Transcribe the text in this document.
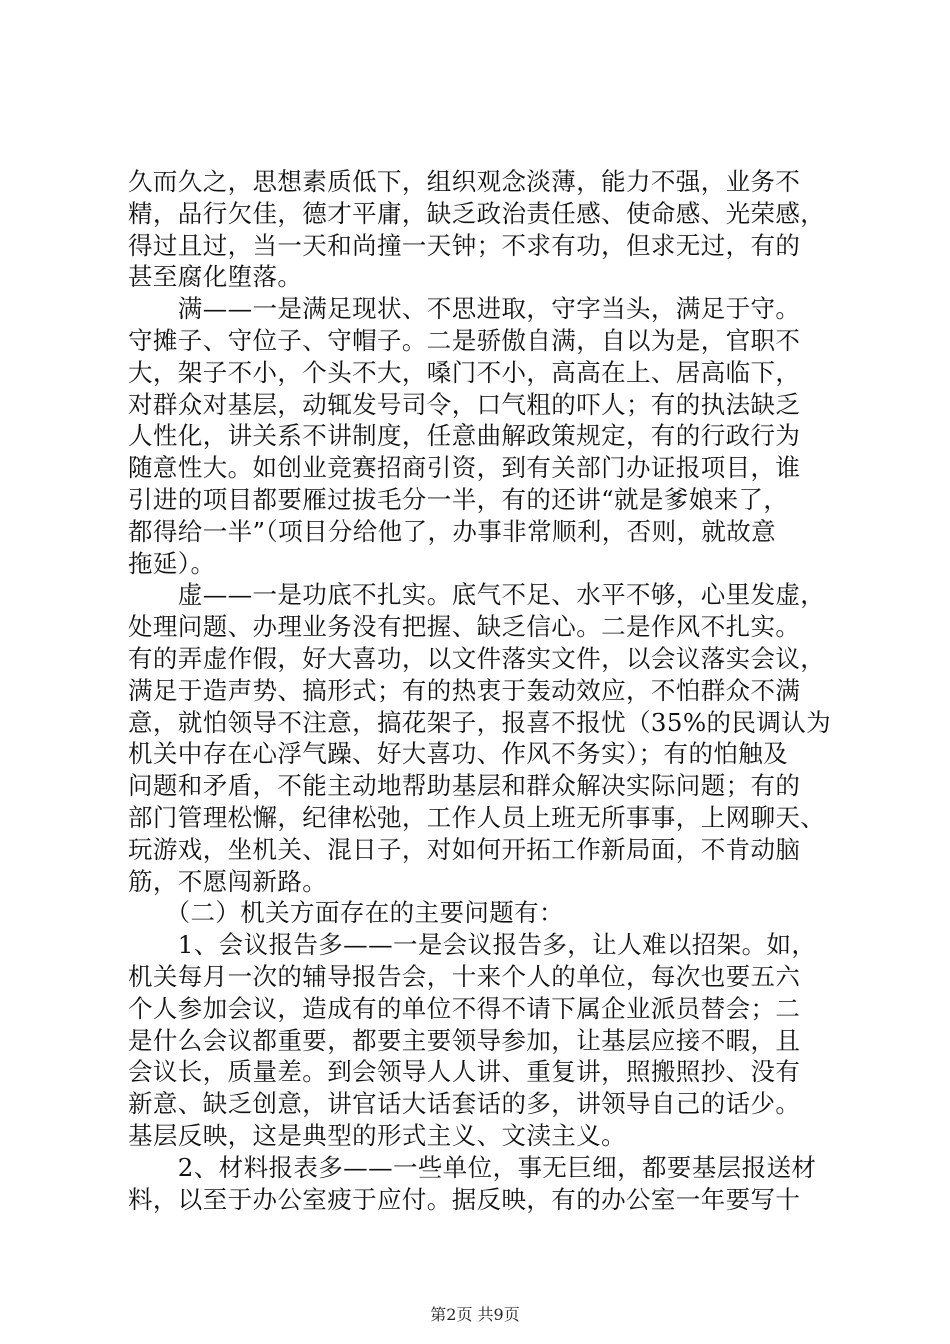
久而久之，思想素质低下，组织观念淡薄，能力不强，业务不
精，品行欠佳，德才平庸，缺乏政治责任感、使命感、光荣感，
得过且过，当一天和尚撞一天钟；不求有功，但求无过，有的
甚至腐化堕落。
　　满——一是满足现状、不思进取，守字当头，满足于守。
守摊子、守位子、守帽子。二是骄傲自满，自以为是，官职不
大，架子不小，个头不大，嗓门不小，高高在上、居高临下，
对群众对基层，动辄发号司令，口气粗的吓人；有的执法缺乏
人性化，讲关系不讲制度，任意曲解政策规定，有的行政行为
随意性大。如创业竞赛招商引资，到有关部门办证报项目，谁
引进的项目都要雁过拔毛分一半，有的还讲“就是爹娘来了，
都得给一半”（项目分给他了，办事非常顺利，否则，就故意
拖延）。
　　虚——一是功底不扎实。底气不足、水平不够，心里发虚，
处理问题、办理业务没有把握、缺乏信心。二是作风不扎实。
有的弄虚作假，好大喜功，以文件落实文件，以会议落实会议，
满足于造声势、搞形式；有的热衷于轰动效应，不怕群众不满
意，就怕领导不注意，搞花架子，报喜不报忧（35%的民调认为
机关中存在心浮气躁、好大喜功、作风不务实）；有的怕触及
问题和矛盾，不能主动地帮助基层和群众解决实际问题；有的
部门管理松懈，纪律松弛，工作人员上班无所事事，上网聊天、
玩游戏，坐机关、混日子，对如何开拓工作新局面，不肯动脑
筋，不愿闯新路。
　　（二）机关方面存在的主要问题有：
　　1、会议报告多——一是会议报告多，让人难以招架。如，
机关每月一次的辅导报告会，十来个人的单位，每次也要五六
个人参加会议，造成有的单位不得不请下属企业派员替会；二
是什么会议都重要，都要主要领导参加，让基层应接不暇，且
会议长，质量差。到会领导人人讲、重复讲，照搬照抄、没有
新意、缺乏创意，讲官话大话套话的多，讲领导自己的话少。
基层反映，这是典型的形式主义、文渎主义。
　　2、材料报表多——一些单位，事无巨细，都要基层报送材
料，以至于办公室疲于应付。据反映，有的办公室一年要写十
第2页 共9页
